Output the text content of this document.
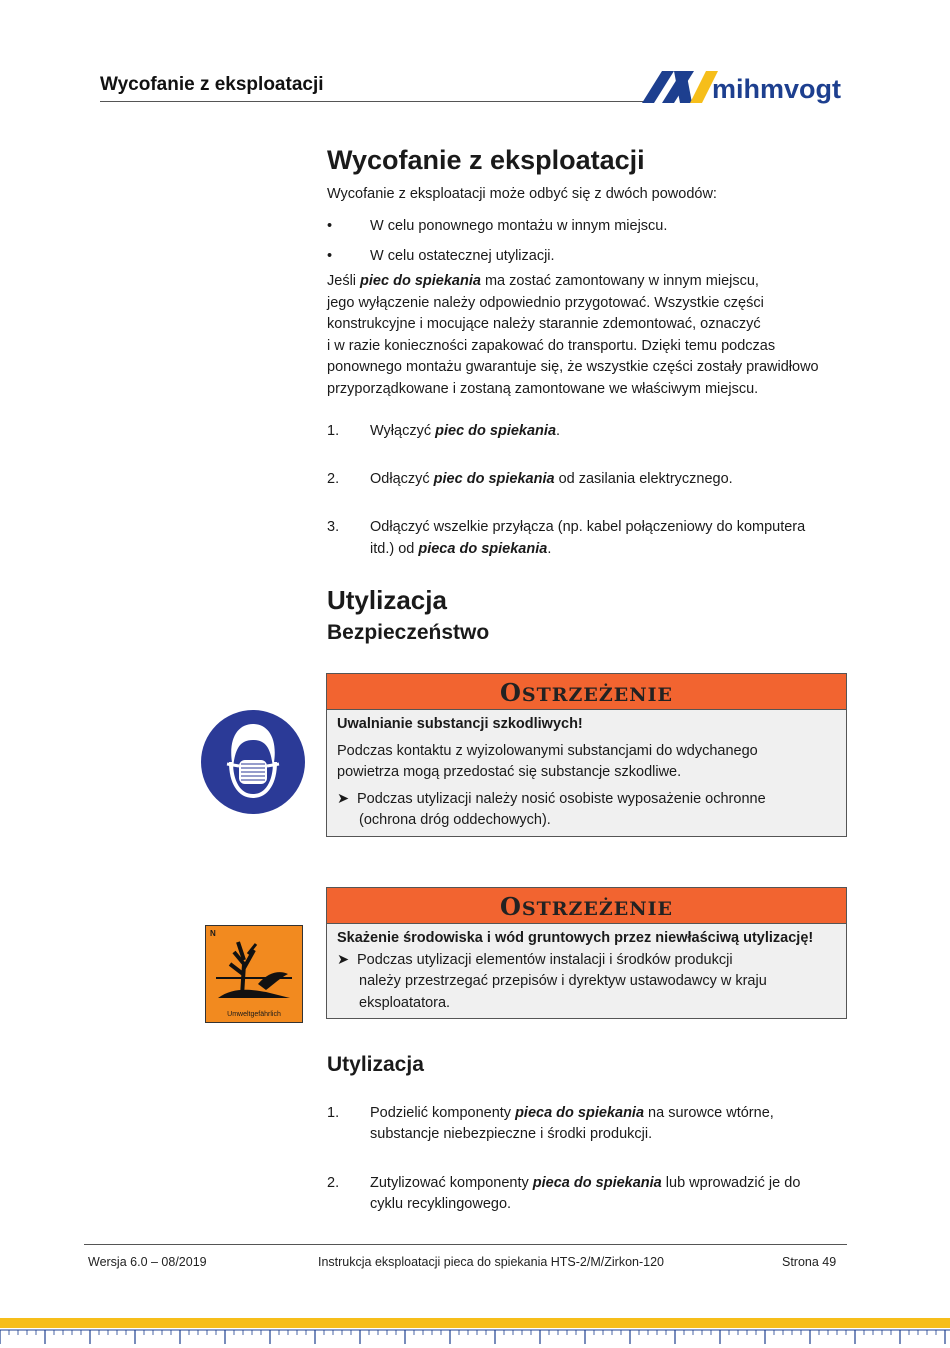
Wycofanie z eksploatacji	mihmvogt
Wycofanie z eksploatacji
Wycofanie z eksploatacji może odbyć się z dwóch powodów:
•	W celu ponownego montażu w innym miejscu.
•	W celu ostatecznej utylizacji.
Jeśli piec do spiekania ma zostać zamontowany w innym miejscu,
jego wyłączenie należy odpowiednio przygotować. Wszystkie części
konstrukcyjne i mocujące należy starannie zdemontować, oznaczyć
i w razie konieczności zapakować do transportu. Dzięki temu podczas
ponownego montażu gwarantuje się, że wszystkie części zostały prawidłowo
przyporządkowane i zostaną zamontowane we właściwym miejscu.
1.	Wyłączyć piec do spiekania.
2.	Odłączyć piec do spiekania od zasilania elektrycznego.
3.	Odłączyć wszelkie przyłącza (np. kabel połączeniowy do komputera
itd.) od pieca do spiekania.
Utylizacja
Bezpieczeństwo
OSTRZEŻENIE
Uwalnianie substancji szkodliwych!
Podczas kontaktu z wyizolowanymi substancjami do wdychanego
powietrza mogą przedostać się substancje szkodliwe.
➤ Podczas utylizacji należy nosić osobiste wyposażenie ochronne
(ochrona dróg oddechowych).
N
Umweltgefährlich
OSTRZEŻENIE
Skażenie środowiska i wód gruntowych przez niewłaściwą utylizację!
➤ Podczas utylizacji elementów instalacji i środków produkcji
należy przestrzegać przepisów i dyrektyw ustawodawcy w kraju
eksploatatora.
Utylizacja
1.	Podzielić komponenty pieca do spiekania na surowce wtórne,
substancje niebezpieczne i środki produkcji.
2.	Zutylizować komponenty pieca do spiekania lub wprowadzić je do
cyklu recyklingowego.
Wersja 6.0 – 08/2019	Instrukcja eksploatacji pieca do spiekania HTS-2/M/Zirkon-120	Strona 49
